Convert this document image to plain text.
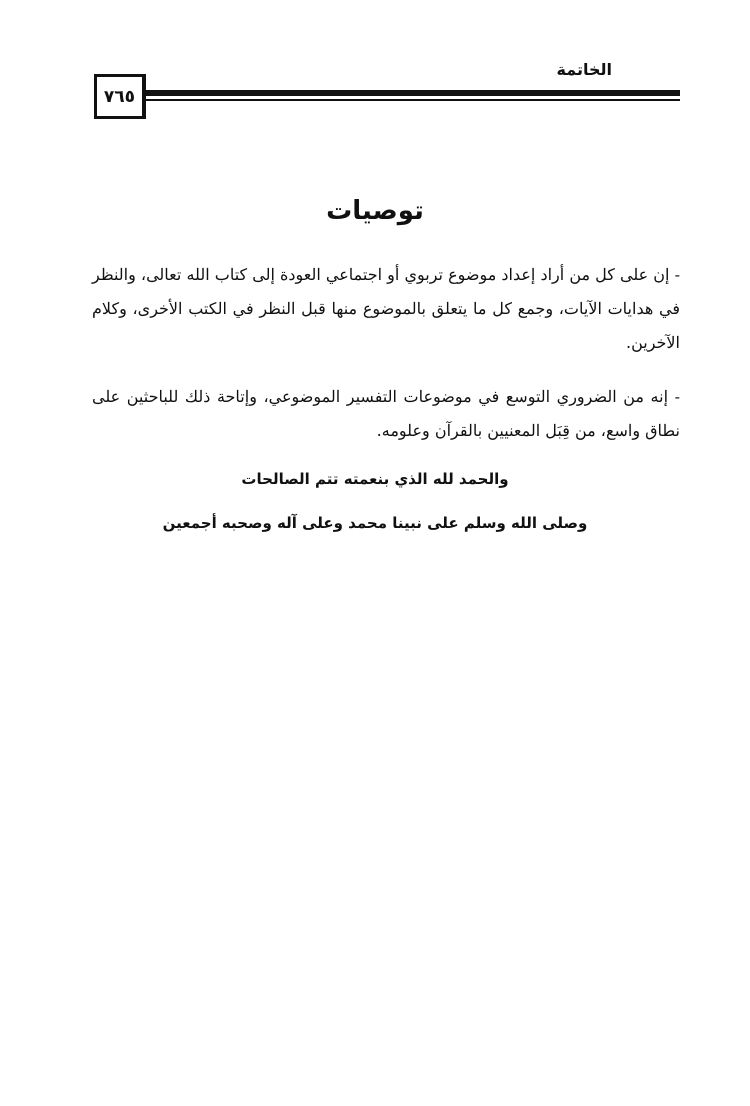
الخاتمة
٧٦٥
توصيات

- إن على كل من أراد إعداد موضوع تربوي أو اجتماعي العودة إلى كتاب الله تعالى، والنظر في هدايات الآيات، وجمع كل ما يتعلق بالموضوع منها قبل النظر في الكتب الأخرى، وكلام الآخرين.

- إنه من الضروري التوسع في موضوعات التفسير الموضوعي، وإتاحة ذلك للباحثين على نطاق واسع، من قِبَل المعنيين بالقرآن وعلومه.

والحمد لله الذي بنعمته تتم الصالحات
وصلى الله وسلم على نبينا محمد وعلى آله وصحبه أجمعين
